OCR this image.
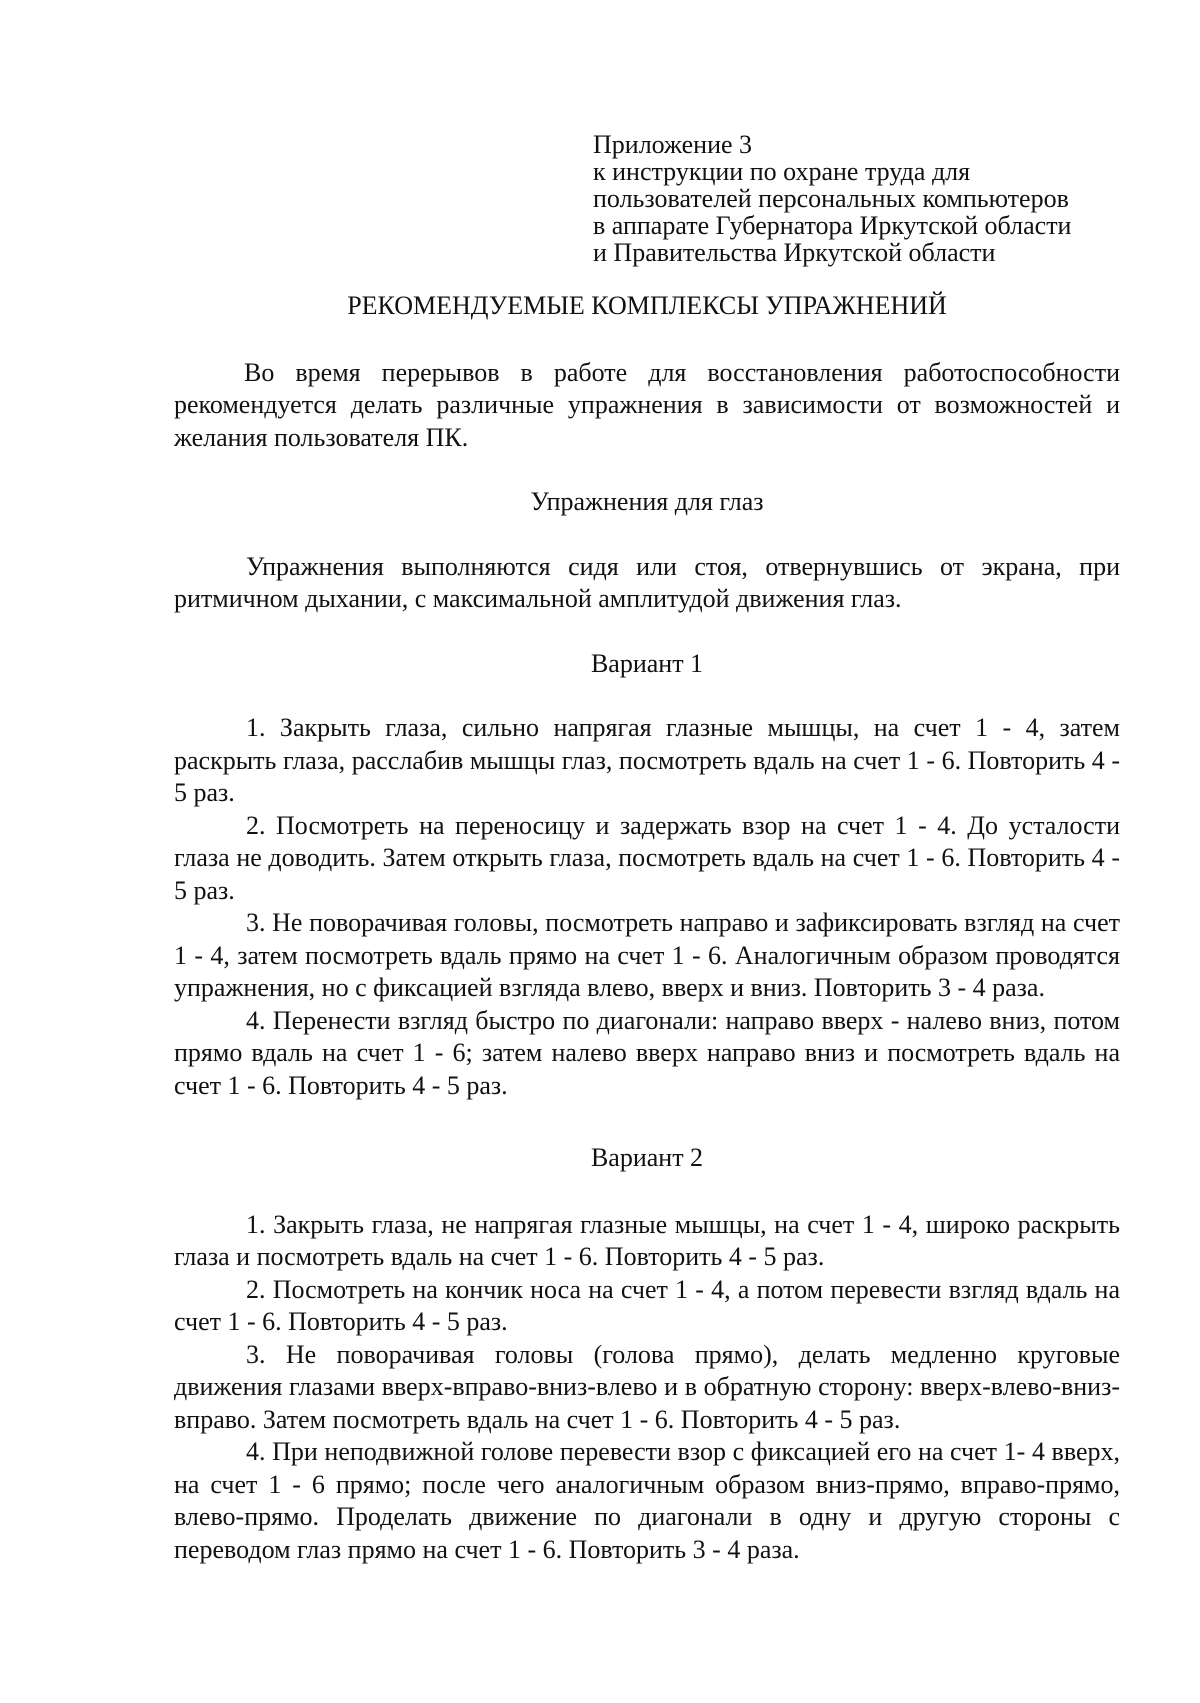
Приложение 3
к инструкции по охране труда для
пользователей персональных компьютеров
в аппарате Губернатора Иркутской области
и Правительства Иркутской области
РЕКОМЕНДУЕМЫЕ КОМПЛЕКСЫ УПРАЖНЕНИЙ

Во время перерывов в работе для восстановления работоспособности рекомендуется делать различные упражнения в зависимости от возможностей и желания пользователя ПК.

Упражнения для глаз

Упражнения выполняются сидя или стоя, отвернувшись от экрана, при ритмичном дыхании, с максимальной амплитудой движения глаз.

Вариант 1

1. Закрыть глаза, сильно напрягая глазные мышцы, на счет 1 - 4, затем раскрыть глаза, расслабив мышцы глаз, посмотреть вдаль на счет 1 - 6. Повторить 4 - 5 раз.

2. Посмотреть на переносицу и задержать взор на счет 1 - 4. До усталости глаза не доводить. Затем открыть глаза, посмотреть вдаль на счет 1 - 6. Повторить 4 - 5 раз.

3. Не поворачивая головы, посмотреть направо и зафиксировать взгляд на счет 1 - 4, затем посмотреть вдаль прямо на счет 1 - 6. Аналогичным образом проводятся упражнения, но с фиксацией взгляда влево, вверх и вниз. Повторить 3 - 4 раза.

4. Перенести взгляд быстро по диагонали: направо вверх - налево вниз, потом прямо вдаль на счет 1 - 6; затем налево вверх направо вниз и посмотреть вдаль на счет 1 - 6. Повторить 4 - 5 раз.

Вариант 2

1. Закрыть глаза, не напрягая глазные мышцы, на счет 1 - 4, широко раскрыть глаза и посмотреть вдаль на счет 1 - 6. Повторить 4 - 5 раз.

2. Посмотреть на кончик носа на счет 1 - 4, а потом перевести взгляд вдаль на счет 1 - 6. Повторить 4 - 5 раз.

3. Не поворачивая головы (голова прямо), делать медленно круговые движения глазами вверх-вправо-вниз-влево и в обратную сторону: вверх-влево-вниз-вправо. Затем посмотреть вдаль на счет 1 - 6. Повторить 4 - 5 раз.

4. При неподвижной голове перевести взор с фиксацией его на счет 1- 4 вверх, на счет 1 - 6 прямо; после чего аналогичным образом вниз-прямо, вправо-прямо, влево-прямо. Проделать движение по диагонали в одну и другую стороны с переводом глаз прямо на счет 1 - 6. Повторить 3 - 4 раза.
